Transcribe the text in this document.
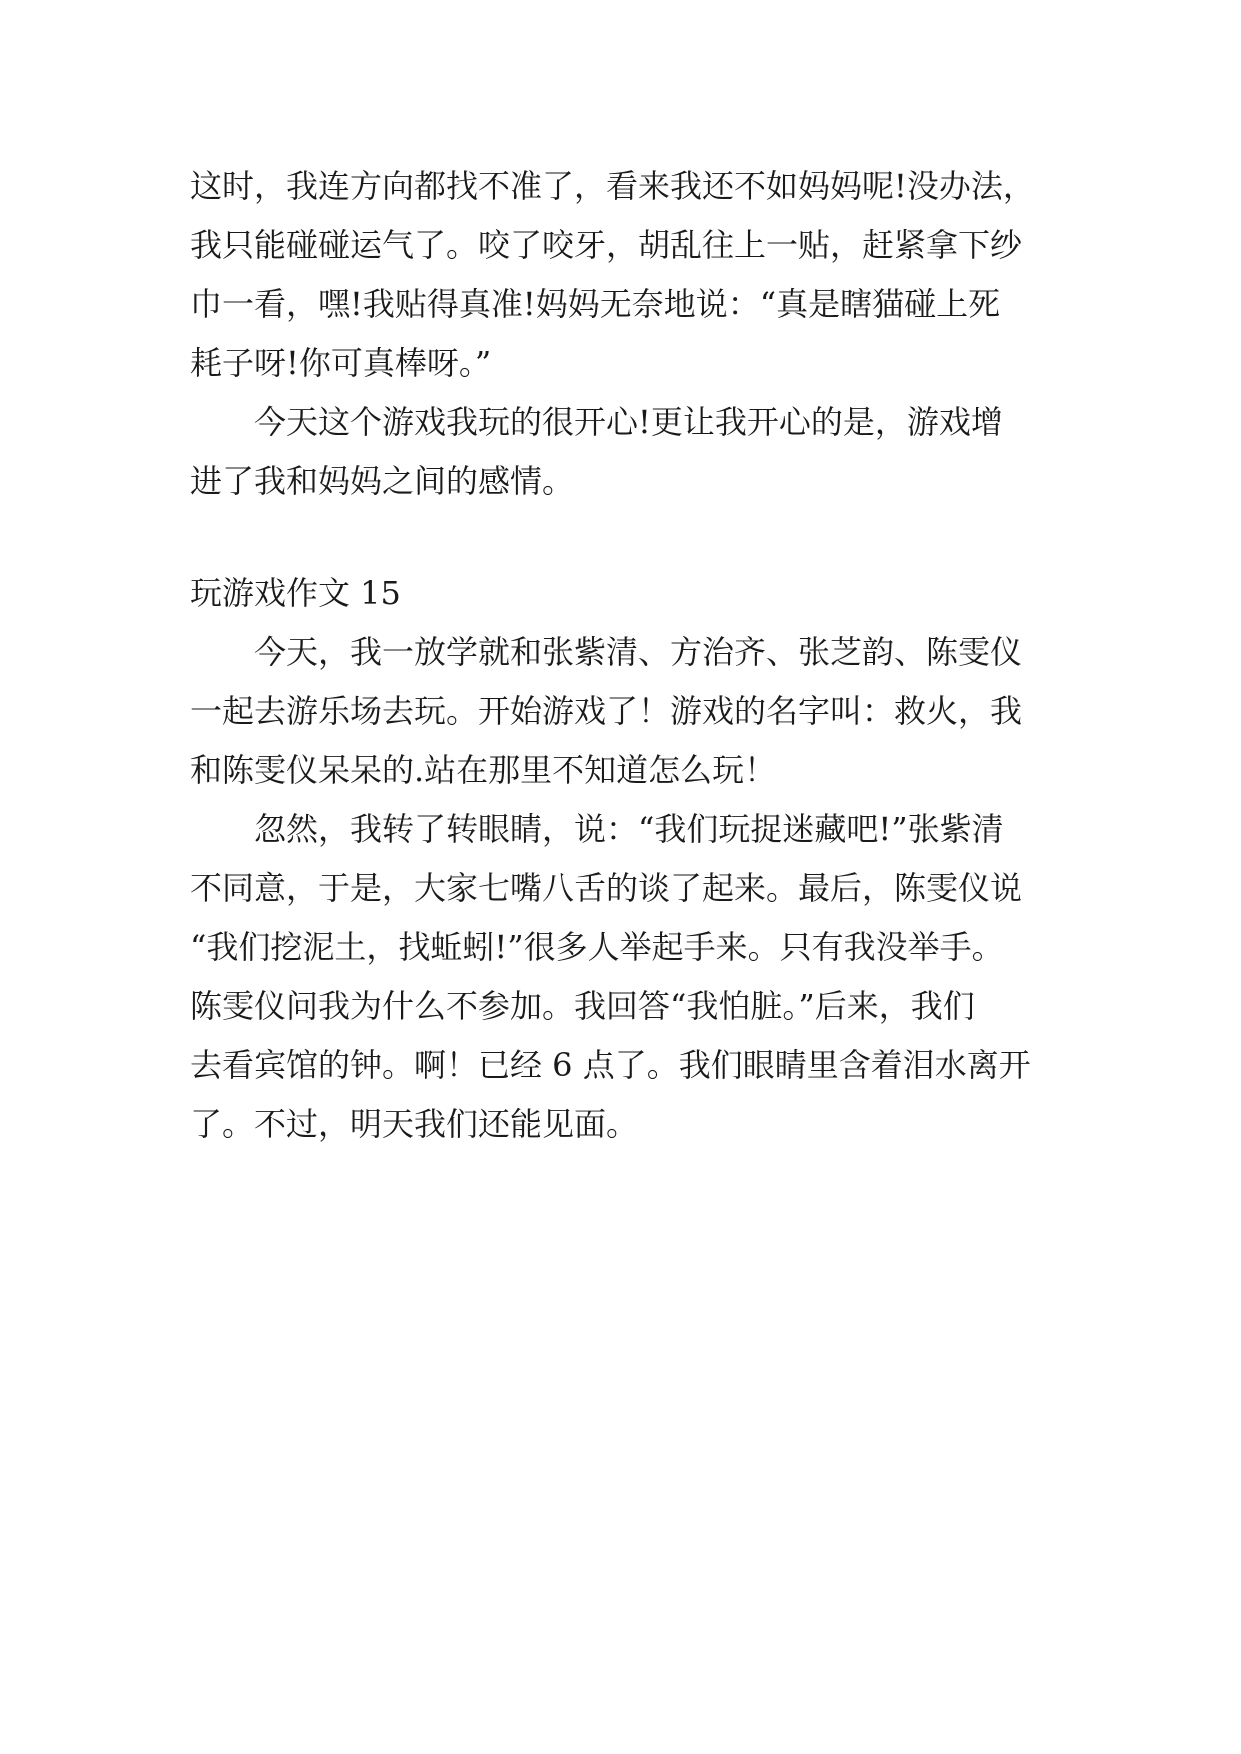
这时，我连方向都找不准了，看来我还不如妈妈呢!没办法，
我只能碰碰运气了。咬了咬牙，胡乱往上一贴，赶紧拿下纱
巾一看，嘿!我贴得真准!妈妈无奈地说：“真是瞎猫碰上死
耗子呀!你可真棒呀。”
今天这个游戏我玩的很开心!更让我开心的是，游戏增
进了我和妈妈之间的感情。
玩游戏作文 15
今天，我一放学就和张紫清、方治齐、张芝韵、陈雯仪
一起去游乐场去玩。开始游戏了！游戏的名字叫：救火，我
和陈雯仪呆呆的.站在那里不知道怎么玩！
忽然，我转了转眼睛，说：“我们玩捉迷藏吧!”张紫清
不同意，于是，大家七嘴八舌的谈了起来。最后，陈雯仪说
“我们挖泥土，找蚯蚓!”很多人举起手来。只有我没举手。
陈雯仪问我为什么不参加。我回答“我怕脏。”后来，我们
去看宾馆的钟。啊！已经 6 点了。我们眼睛里含着泪水离开
了。不过，明天我们还能见面。
